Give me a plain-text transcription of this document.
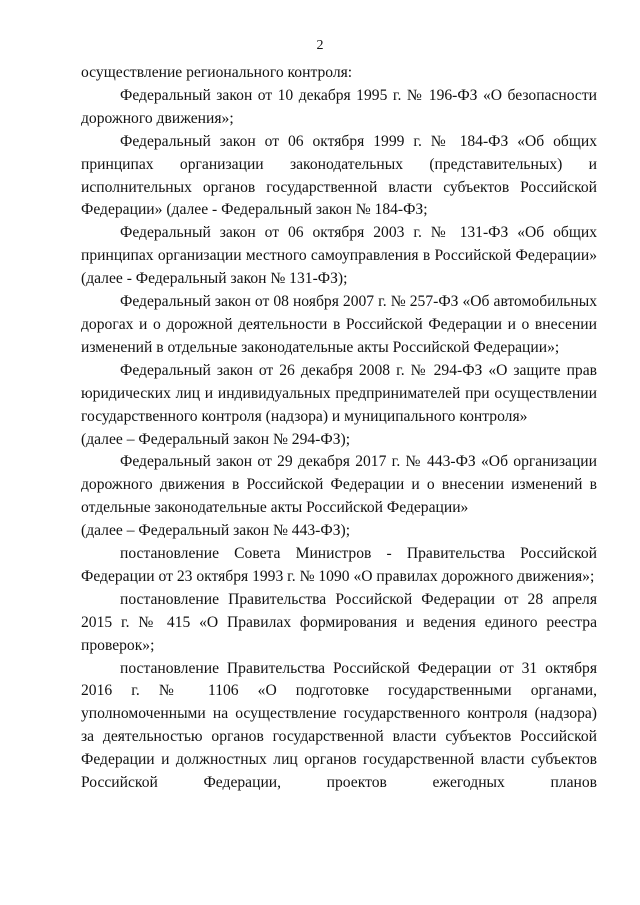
2

осуществление регионального контроля:

Федеральный закон от 10 декабря 1995 г. № 196-ФЗ «О безопасности дорожного движения»;

Федеральный закон от 06 октября 1999 г. № 184-ФЗ «Об общих принципах организации законодательных (представительных) и исполнительных органов государственной власти субъектов Российской Федерации» (далее - Федеральный закон № 184-ФЗ;

Федеральный закон от 06 октября 2003 г. № 131-ФЗ «Об общих принципах организации местного самоуправления в Российской Федерации» (далее - Федеральный закон № 131-ФЗ);

Федеральный закон от 08 ноября 2007 г. № 257-ФЗ «Об автомобильных дорогах и о дорожной деятельности в Российской Федерации и о внесении изменений в отдельные законодательные акты Российской Федерации»;

Федеральный закон от 26 декабря 2008 г. № 294-ФЗ «О защите прав юридических лиц и индивидуальных предпринимателей при осуществлении государственного контроля (надзора) и муниципального контроля»

(далее – Федеральный закон № 294-ФЗ);

Федеральный закон от 29 декабря 2017 г. № 443-ФЗ «Об организации дорожного движения в Российской Федерации и о внесении изменений в отдельные законодательные акты Российской Федерации»

(далее – Федеральный закон № 443-ФЗ);

постановление Совета Министров - Правительства Российской Федерации от 23 октября 1993 г. № 1090 «О правилах дорожного движения»;

постановление Правительства Российской Федерации от 28 апреля 2015 г. № 415 «О Правилах формирования и ведения единого реестра проверок»;

постановление Правительства Российской Федерации от 31 октября 2016 г. № 1106 «О подготовке государственными органами, уполномоченными на осуществление государственного контроля (надзора) за деятельностью органов государственной власти субъектов Российской Федерации и должностных лиц органов государственной власти субъектов Российской Федерации, проектов ежегодных планов
